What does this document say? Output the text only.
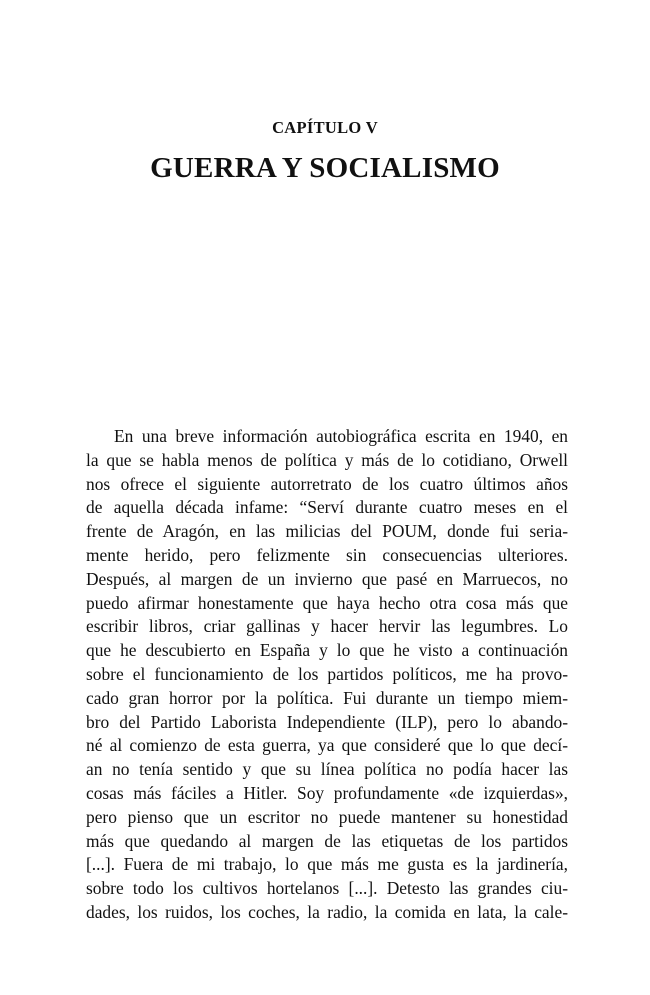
CAPÍTULO V
GUERRA Y SOCIALISMO
En una breve información autobiográfica escrita en 1940, en
la que se habla menos de política y más de lo cotidiano, Orwell
nos ofrece el siguiente autorretrato de los cuatro últimos años
de aquella década infame: “Serví durante cuatro meses en el
frente de Aragón, en las milicias del POUM, donde fui seria-
mente herido, pero felizmente sin consecuencias ulteriores.
Después, al margen de un invierno que pasé en Marruecos, no
puedo afirmar honestamente que haya hecho otra cosa más que
escribir libros, criar gallinas y hacer hervir las legumbres. Lo
que he descubierto en España y lo que he visto a continuación
sobre el funcionamiento de los partidos políticos, me ha provo-
cado gran horror por la política. Fui durante un tiempo miem-
bro del Partido Laborista Independiente (ILP), pero lo abando-
né al comienzo de esta guerra, ya que consideré que lo que decí-
an no tenía sentido y que su línea política no podía hacer las
cosas más fáciles a Hitler. Soy profundamente «de izquierdas»,
pero pienso que un escritor no puede mantener su honestidad
más que quedando al margen de las etiquetas de los partidos
[...]. Fuera de mi trabajo, lo que más me gusta es la jardinería,
sobre todo los cultivos hortelanos [...]. Detesto las grandes ciu-
dades, los ruidos, los coches, la radio, la comida en lata, la cale-
